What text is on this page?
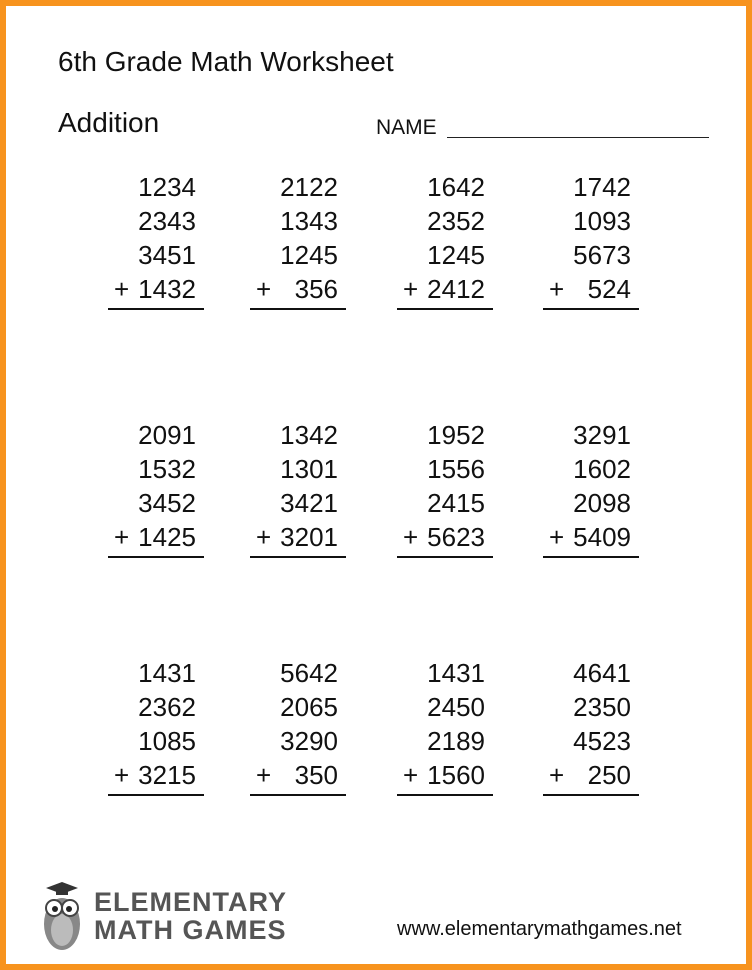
6th Grade Math Worksheet
Addition	NAME
1234
2343
3451
1432
+
2122
1343
1245
356
+
1642
2352
1245
2412
+
1742
1093
5673
524
+
2091
1532
3452
1425
+
1342
1301
3421
3201
+
1952
1556
2415
5623
+
3291
1602
2098
5409
+
1431
2362
1085
3215
+
5642
2065
3290
350
+
1431
2450
2189
1560
+
4641
2350
4523
250
+
ELEMENTARY
MATH GAMES	www.elementarymathgames.net
